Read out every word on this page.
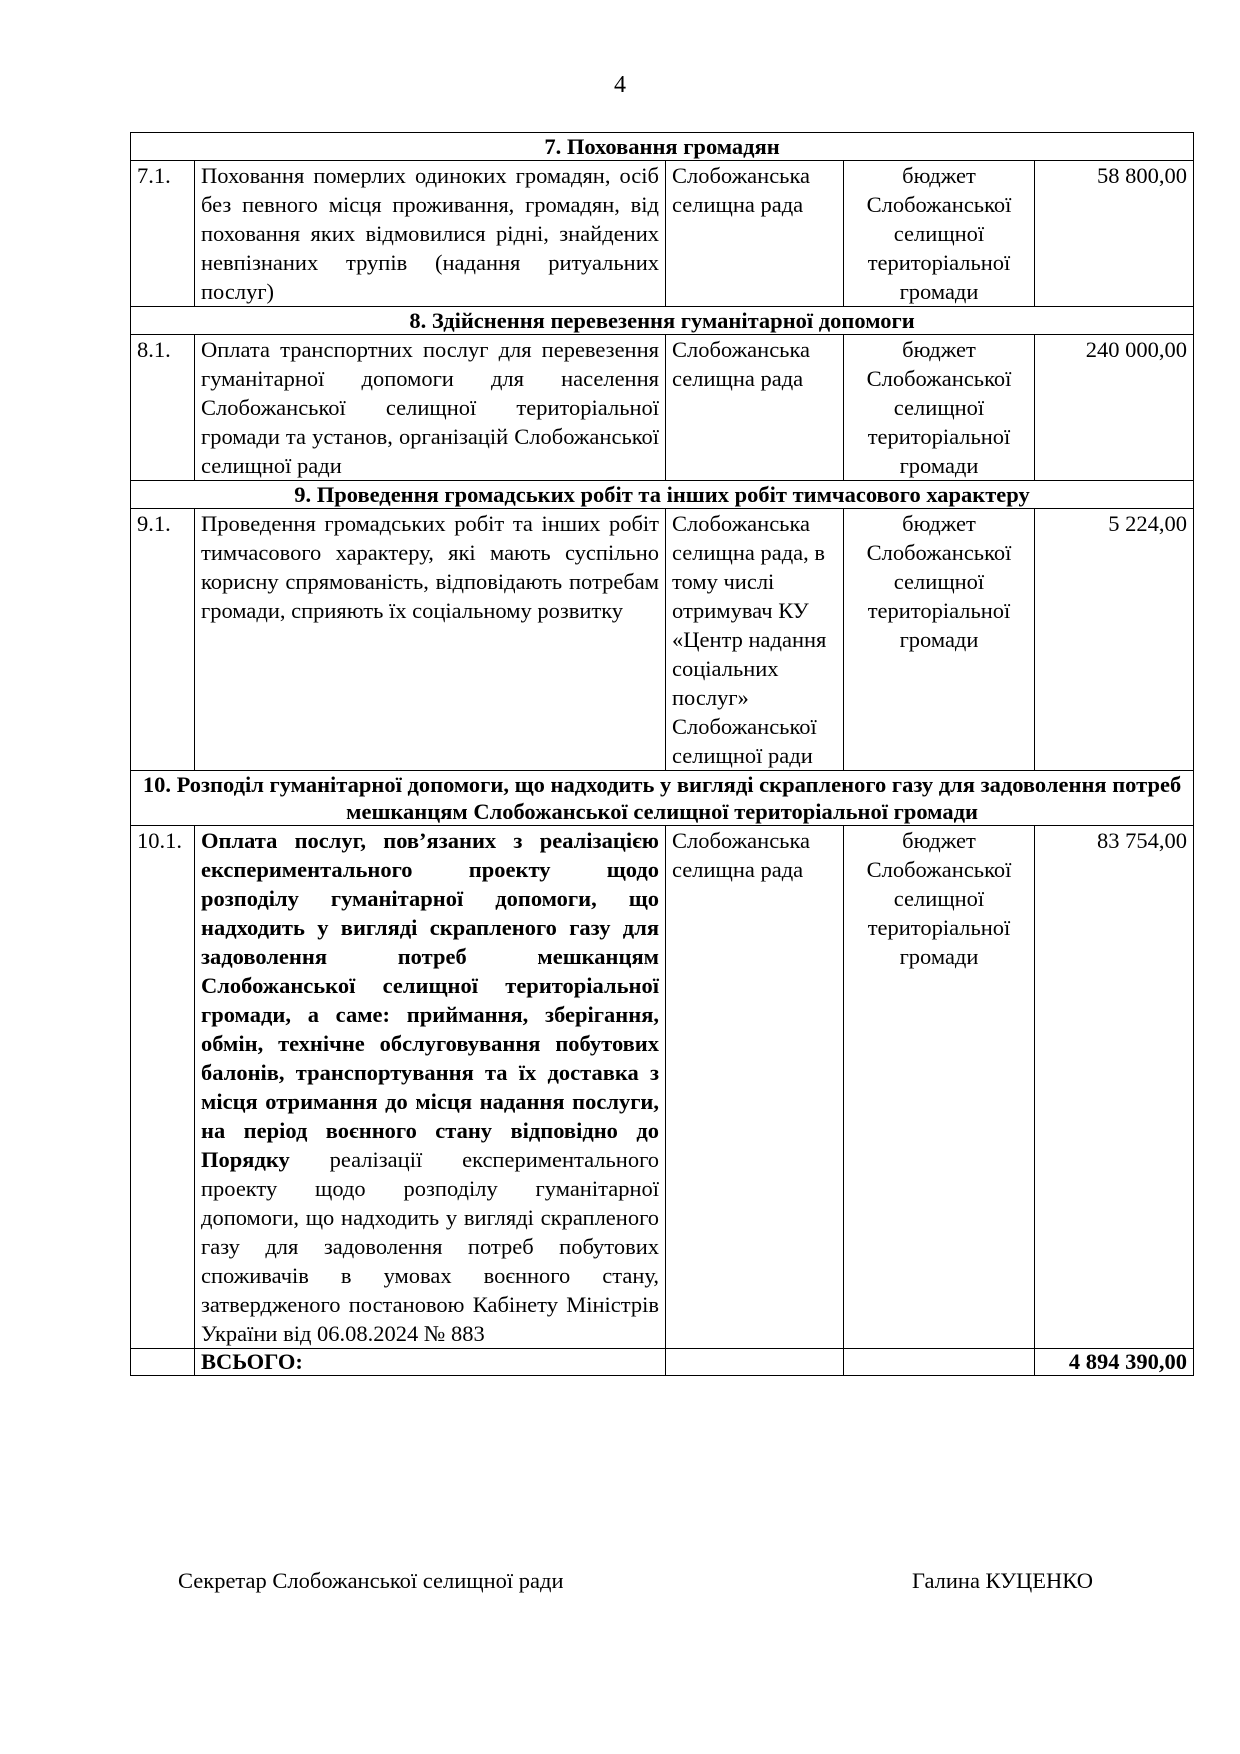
4
7. Поховання громадян				
7.1.	Поховання померлих одиноких громадян, осіб без певного місця проживання, громадян, від поховання яких відмовилися рідні, знайдених невпізнаних трупів (надання ритуальних послуг)	Слобожанська селищна рада	бюджет Слобожанської селищної територіальної громади	58 800,00
8. Здійснення перевезення гуманітарної допомоги				
8.1.	Оплата транспортних послуг для перевезення гуманітарної допомоги для населення Слобожанської селищної територіальної громади та установ, організацій Слобожанської селищної ради	Слобожанська селищна рада	бюджет Слобожанської селищної територіальної громади	240 000,00
9. Проведення громадських робіт та інших робіт тимчасового характеру				
9.1.	Проведення громадських робіт та інших робіт тимчасового характеру, які мають суспільно корисну спрямованість, відповідають потребам громади, сприяють їх соціальному розвитку	Слобожанська селищна рада, в тому числі отримувач КУ «Центр надання соціальних послуг» Слобожанської селищної ради	бюджет Слобожанської селищної територіальної громади	5 224,00
10. Розподіл гуманітарної допомоги, що надходить у вигляді скрапленого газу для задоволення потреб мешканцям Слобожанської селищної територіальної громади				
10.1.	Оплата послуг, пов’язаних з реалізацією експериментального проекту щодо розподілу гуманітарної допомоги, що надходить у вигляді скрапленого газу для задоволення потреб мешканцям Слобожанської селищної територіальної громади, а саме: приймання, зберігання, обмін, технічне обслуговування побутових балонів, транспортування та їх доставка з місця отримання до місця надання послуги, на період воєнного стану відповідно до Порядку реалізації експериментального проекту щодо розподілу гуманітарної допомоги, що надходить у вигляді скрапленого газу для задоволення потреб побутових споживачів в умовах воєнного стану, затвердженого постановою Кабінету Міністрів України від 06.08.2024 № 883	Слобожанська селищна рада	бюджет Слобожанської селищної територіальної громади	83 754,00
	ВСЬОГО:			4 894 390,00
Секретар Слобожанської селищної ради	Галина КУЦЕНКО
